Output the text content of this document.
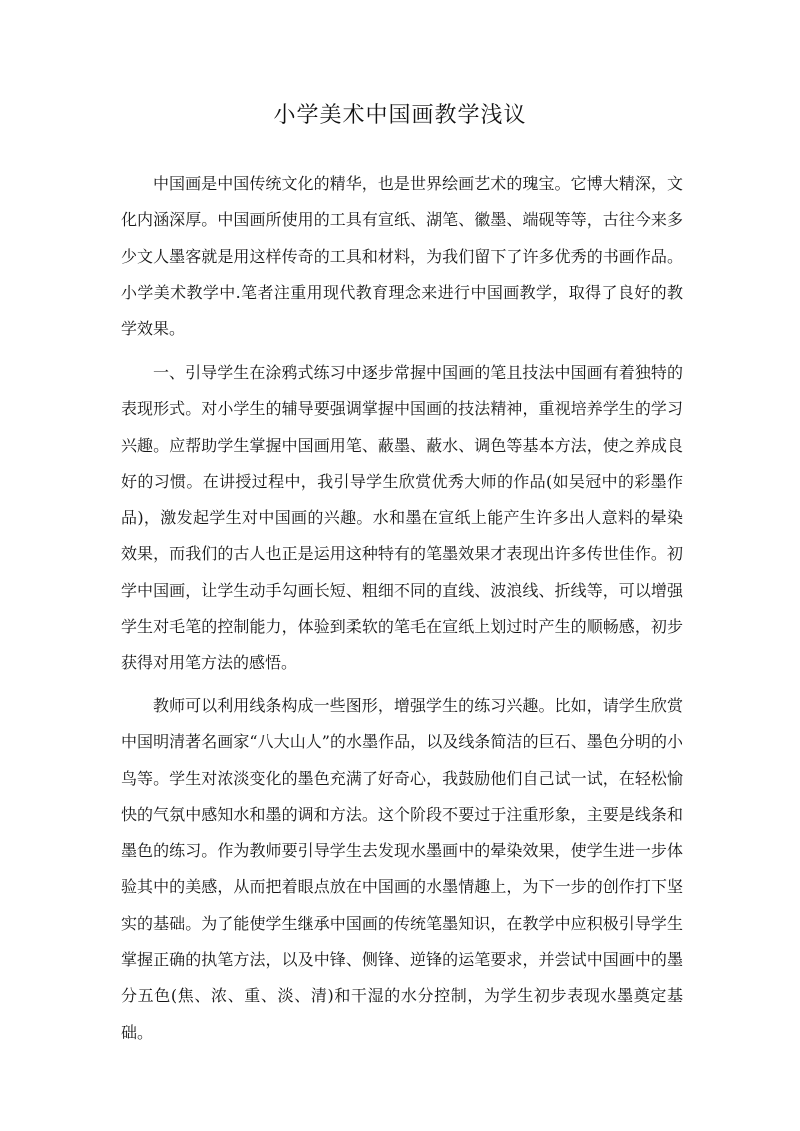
小学美术中国画教学浅议

中国画是中国传统文化的精华，也是世界绘画艺术的瑰宝。它博大精深，文化内涵深厚。中国画所使用的工具有宣纸、湖笔、徽墨、端砚等等，古往今来多少文人墨客就是用这样传奇的工具和材料，为我们留下了许多优秀的书画作品。小学美术教学中.笔者注重用现代教育理念来进行中国画教学，取得了良好的教学效果。

一、引导学生在涂鸦式练习中逐步常握中国画的笔且技法中国画有着独特的表现形式。对小学生的辅导要强调掌握中国画的技法精神，重视培养学生的学习兴趣。应帮助学生掌握中国画用笔、蔽墨、蔽水、调色等基本方法，使之养成良好的习惯。在讲授过程中，我引导学生欣赏优秀大师的作品(如吴冠中的彩墨作品)，激发起学生对中国画的兴趣。水和墨在宣纸上能产生许多出人意料的晕染效果，而我们的古人也正是运用这种特有的笔墨效果才表现出许多传世佳作。初学中国画，让学生动手勾画长短、粗细不同的直线、波浪线、折线等，可以增强学生对毛笔的控制能力，体验到柔软的笔毛在宣纸上划过时产生的顺畅感，初步获得对用笔方法的感悟。

教师可以利用线条构成一些图形，增强学生的练习兴趣。比如，请学生欣赏中国明清著名画家“八大山人”的水墨作品，以及线条简洁的巨石、墨色分明的小鸟等。学生对浓淡变化的墨色充满了好奇心，我鼓励他们自己试一试，在轻松愉快的气氛中感知水和墨的调和方法。这个阶段不要过于注重形象，主要是线条和墨色的练习。作为教师要引导学生去发现水墨画中的晕染效果，使学生进一步体验其中的美感，从而把着眼点放在中国画的水墨情趣上，为下一步的创作打下坚实的基础。为了能使学生继承中国画的传统笔墨知识，在教学中应积极引导学生掌握正确的执笔方法，以及中锋、侧锋、逆锋的运笔要求，并尝试中国画中的墨分五色(焦、浓、重、淡、清)和干湿的水分控制，为学生初步表现水墨奠定基础。
